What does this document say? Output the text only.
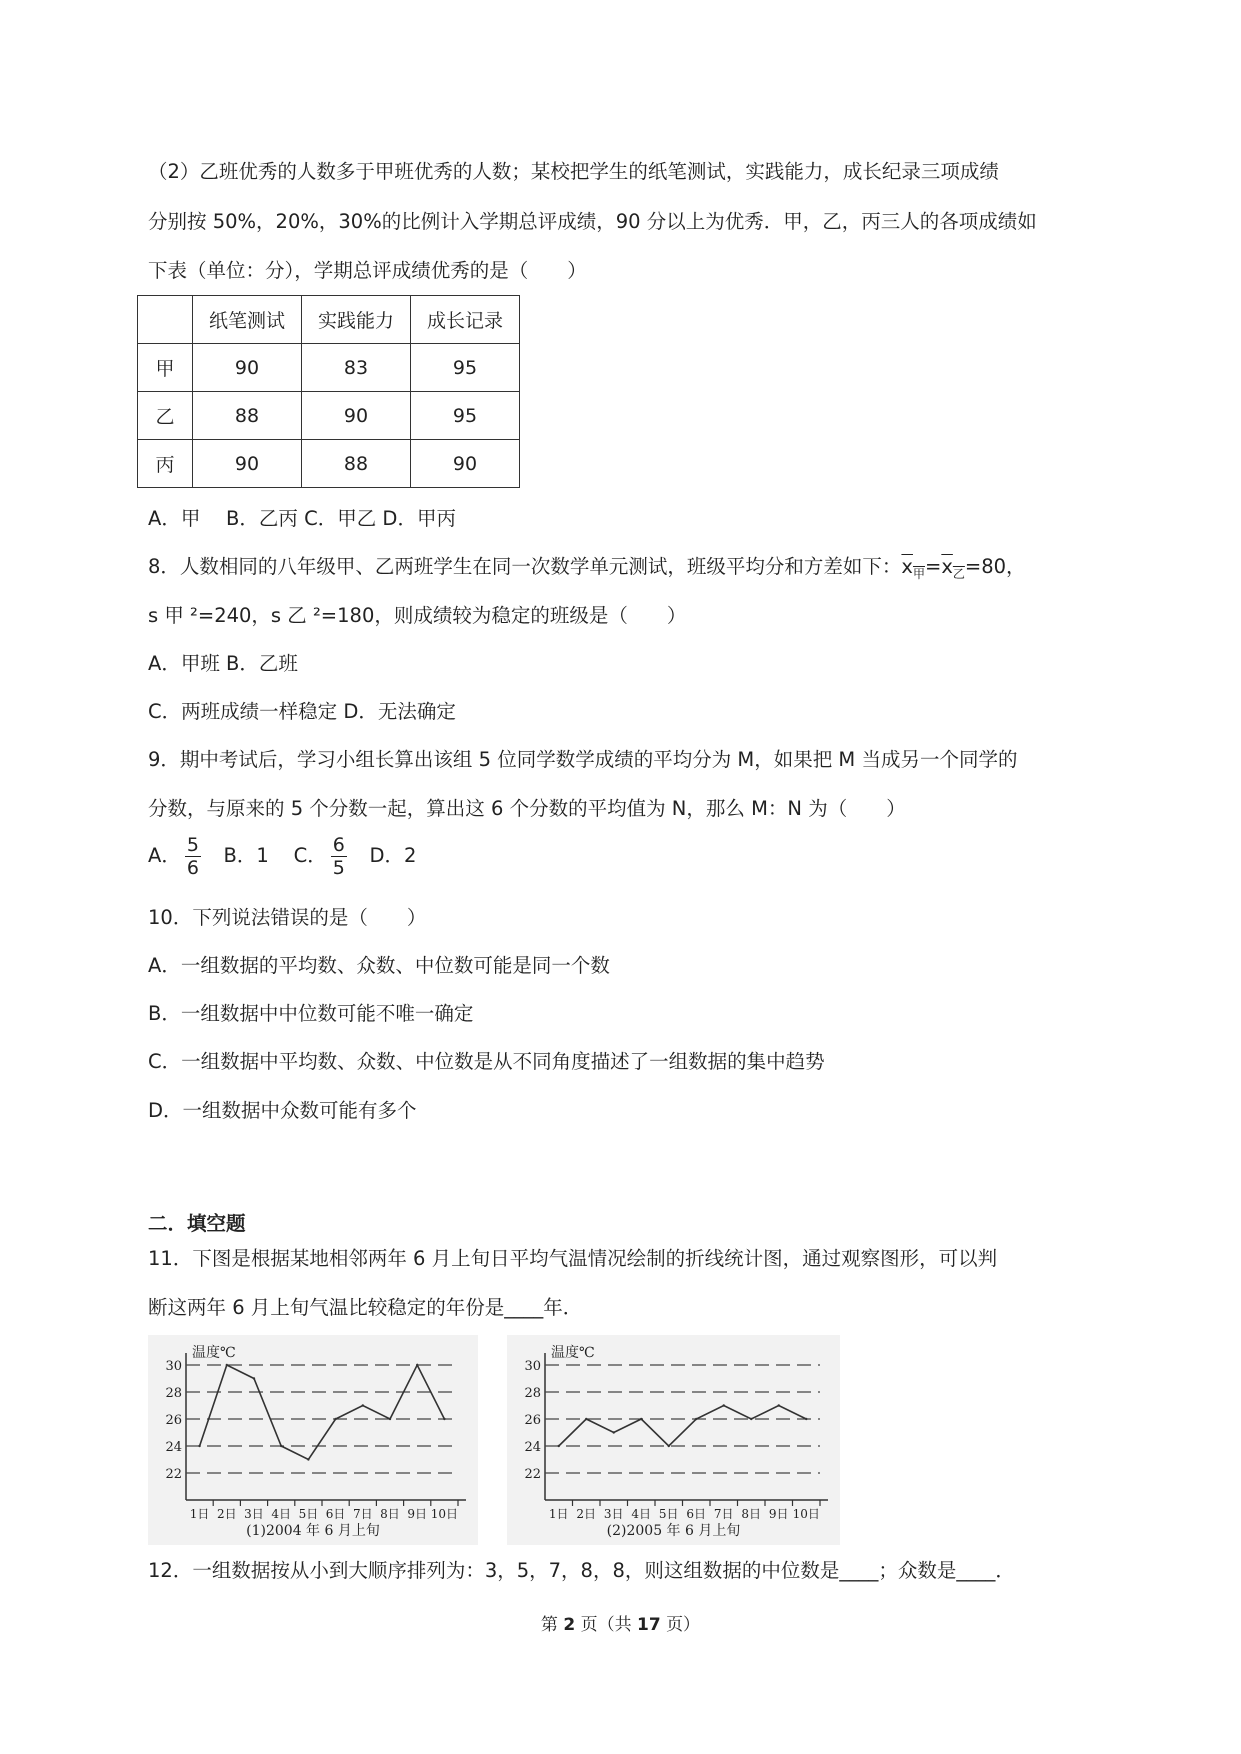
（2）乙班优秀的人数多于甲班优秀的人数；某校把学生的纸笔测试，实践能力，成长纪录三项成绩
分别按 50%，20%，30%的比例计入学期总评成绩，90 分以上为优秀．甲，乙，丙三人的各项成绩如
下表（单位：分），学期总评成绩优秀的是（　　）
	纸笔测试	实践能力	成长记录
甲	90	83	95
乙	88	90	95
丙	90	88	90
A．甲　 B．乙丙 C．甲乙 D．甲丙
8．人数相同的八年级甲、乙两班学生在同一次数学单元测试，班级平均分和方差如下：$x_甲=x_乙=80$，
s 甲 ²=240，s 乙 ²=180，则成绩较为稳定的班级是（　　）
A．甲班 B．乙班
C．两班成绩一样稳定 D．无法确定
9．期中考试后，学习小组长算出该组 5 位同学数学成绩的平均分为 M，如果把 M 当成另一个同学的
分数，与原来的 5 个分数一起，算出这 6 个分数的平均值为 N，那么 M：N 为（　　）
A． $\frac{5}{6}$ B．1 C． $\frac{6}{5}$ D．2
10．下列说法错误的是（　　）
A．一组数据的平均数、众数、中位数可能是同一个数
B．一组数据中中位数可能不唯一确定
C．一组数据中平均数、众数、中位数是从不同角度描述了一组数据的集中趋势
D．一组数据中众数可能有多个
二．填空题
11．下图是根据某地相邻两年 6 月上旬日平均气温情况绘制的折线统计图，通过观察图形，可以判
断这两年 6 月上旬气温比较稳定的年份是____年．
温度℃
22
24
26
28
30
1日 2日 3日 4日 5日 6日 7日 8日 9日 10日
(1)2004 年 6 月上旬
温度℃
22
24
26
28
30
1日 2日 3日 4日 5日 6日 7日 8日 9日 10日
(2)2005 年 6 月上旬
12．一组数据按从小到大顺序排列为：3，5，7，8，8，则这组数据的中位数是____；众数是____．
第 2 页（共 17 页）
